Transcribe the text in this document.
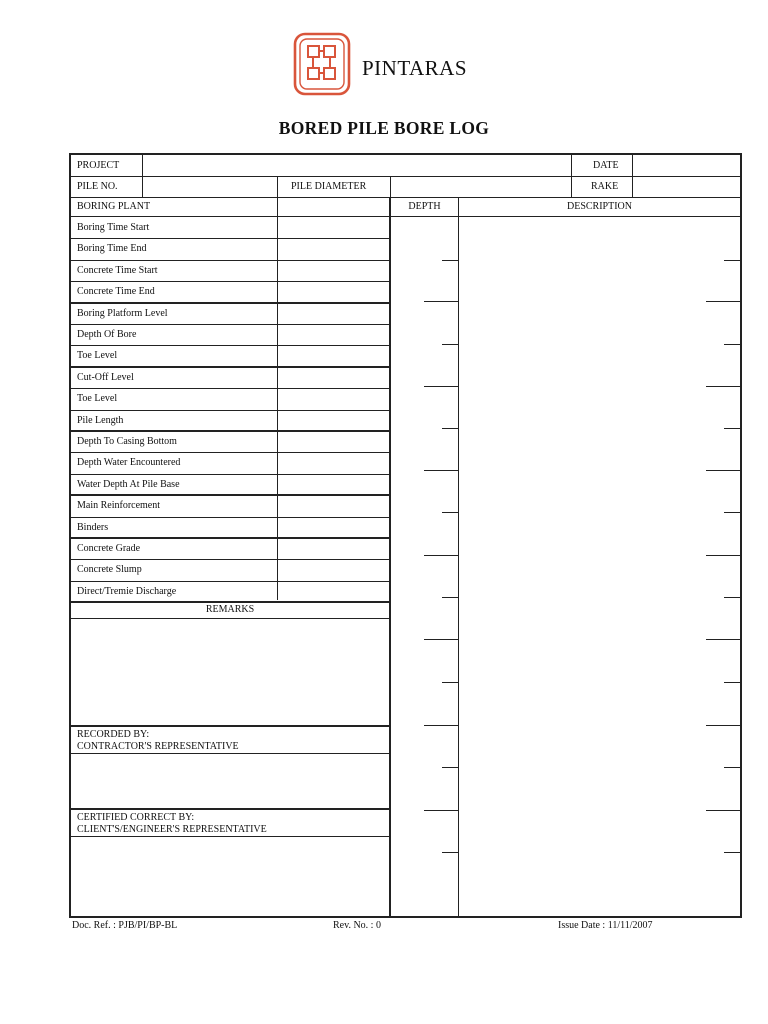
PINTARAS
BORED PILE BORE LOG
PROJECT	DATE
PILE NO.	PILE DIAMETER	RAKE
BORING PLANT	DEPTH	DESCRIPTION
Boring Time Start
Boring Time End
Concrete Time Start
Concrete Time End
Boring Platform Level
Depth Of Bore
Toe Level
Cut-Off Level
Toe Level
Pile Length
Depth To Casing Bottom
Depth Water Encountered
Water Depth At Pile Base
Main Reinforcement
Binders
Concrete Grade
Concrete Slump
Direct/Tremie Discharge
REMARKS
RECORDED BY:
CONTRACTOR'S REPRESENTATIVE
CERTIFIED CORRECT BY:
CLIENT'S/ENGINEER'S REPRESENTATIVE
Doc. Ref. : PJB/PI/BP-BL	Rev. No. : 0	Issue Date : 11/11/2007
